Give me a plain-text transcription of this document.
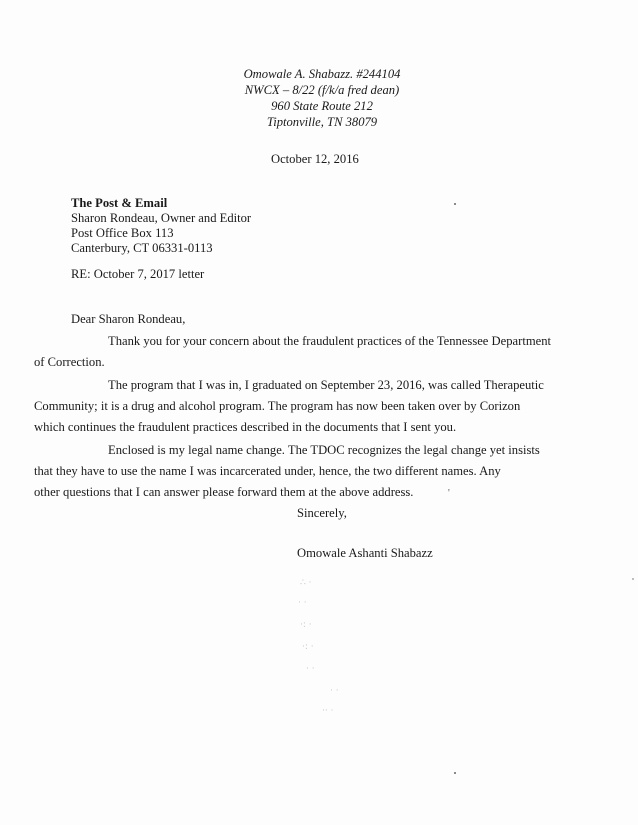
Omowale A. Shabazz. #244104
NWCX – 8/22 (f/k/a fred dean)
960 State Route 212
Tiptonville, TN 38079
October 12, 2016
The Post & Email
Sharon Rondeau, Owner and Editor
Post Office Box 113
Canterbury, CT 06331-0113
RE: October 7, 2017 letter
Dear Sharon Rondeau,

Thank you for your concern about the fraudulent practices of the Tennessee Department
of Correction.

The program that I was in, I graduated on September 23, 2016, was called Therapeutic
Community; it is a drug and alcohol program. The program has now been taken over by Corizon
which continues the fraudulent practices described in the documents that I sent you.

Enclosed is my legal name change. The TDOC recognizes the legal change yet insists
that they have to use the name I was incarcerated under, hence, the two different names. Any
other questions that I can answer please forward them at the above address.	'
Sincerely,
Omowale Ashanti Shabazz
∴ ·
· ·
·: ·
·: ·
· ·
· ·
·· ·
